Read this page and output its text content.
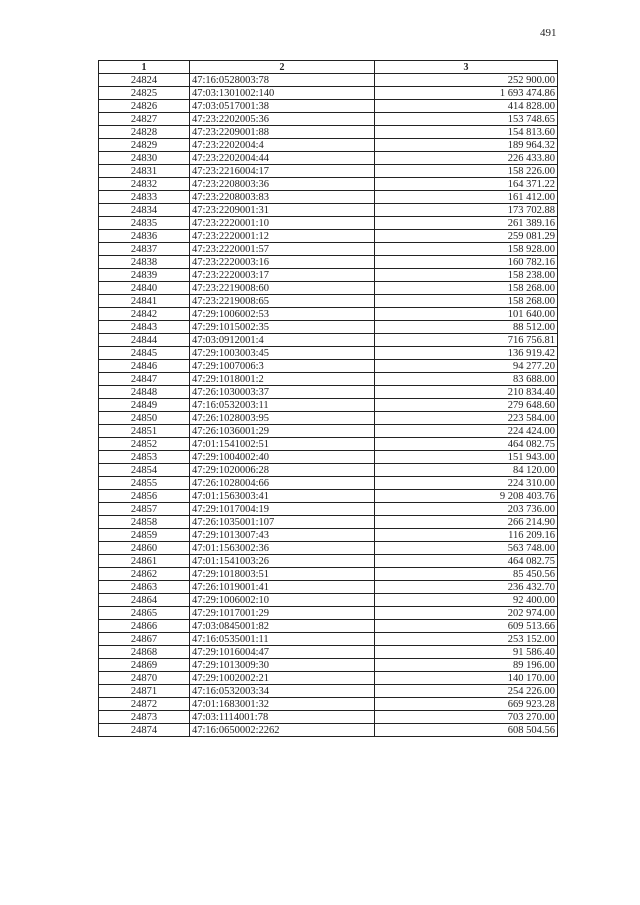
491
1	2	3
24824	47:16:0528003:78	252 900.00
24825	47:03:1301002:140	1 693 474.86
24826	47:03:0517001:38	414 828.00
24827	47:23:2202005:36	153 748.65
24828	47:23:2209001:88	154 813.60
24829	47:23:2202004:4	189 964.32
24830	47:23:2202004:44	226 433.80
24831	47:23:2216004:17	158 226.00
24832	47:23:2208003:36	164 371.22
24833	47:23:2208003:83	161 412.00
24834	47:23:2209001:31	173 702.88
24835	47:23:2220001:10	261 389.16
24836	47:23:2220001:12	259 081.29
24837	47:23:2220001:57	158 928.00
24838	47:23:2220003:16	160 782.16
24839	47:23:2220003:17	158 238.00
24840	47:23:2219008:60	158 268.00
24841	47:23:2219008:65	158 268.00
24842	47:29:1006002:53	101 640.00
24843	47:29:1015002:35	88 512.00
24844	47:03:0912001:4	716 756.81
24845	47:29:1003003:45	136 919.42
24846	47:29:1007006:3	94 277.20
24847	47:29:1018001:2	83 688.00
24848	47:26:1030003:37	210 834.40
24849	47:16:0532003:11	279 648.60
24850	47:26:1028003:95	223 584.00
24851	47:26:1036001:29	224 424.00
24852	47:01:1541002:51	464 082.75
24853	47:29:1004002:40	151 943.00
24854	47:29:1020006:28	84 120.00
24855	47:26:1028004:66	224 310.00
24856	47:01:1563003:41	9 208 403.76
24857	47:29:1017004:19	203 736.00
24858	47:26:1035001:107	266 214.90
24859	47:29:1013007:43	116 209.16
24860	47:01:1563002:36	563 748.00
24861	47:01:1541003:26	464 082.75
24862	47:29:1018003:51	85 450.56
24863	47:26:1019001:41	236 432.70
24864	47:29:1006002:10	92 400.00
24865	47:29:1017001:29	202 974.00
24866	47:03:0845001:82	609 513.66
24867	47:16:0535001:11	253 152.00
24868	47:29:1016004:47	91 586.40
24869	47:29:1013009:30	89 196.00
24870	47:29:1002002:21	140 170.00
24871	47:16:0532003:34	254 226.00
24872	47:01:1683001:32	669 923.28
24873	47:03:1114001:78	703 270.00
24874	47:16:0650002:2262	608 504.56
